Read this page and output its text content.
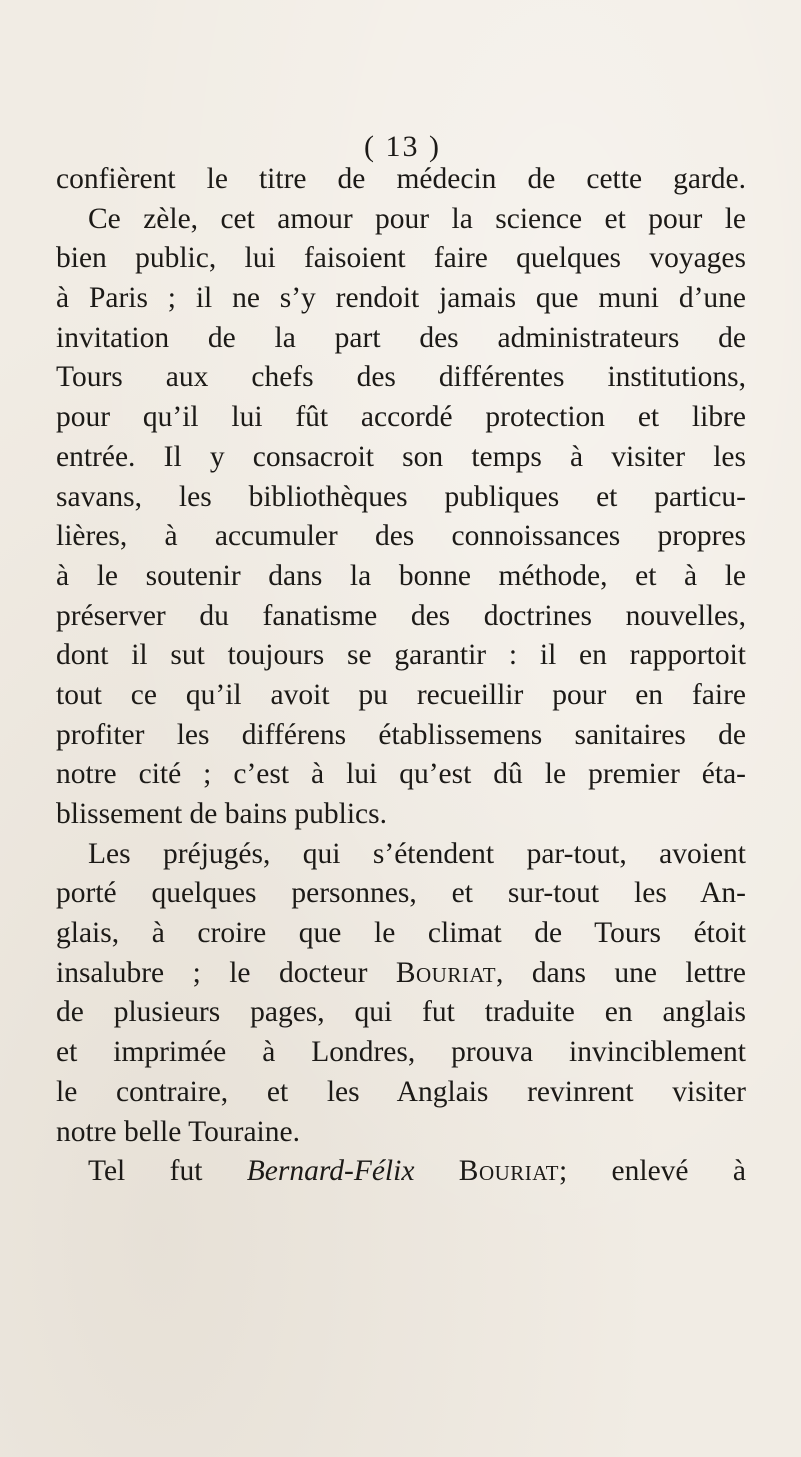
( 13 )
confièrent le titre de médecin de cette garde.
Ce zèle, cet amour pour la science et pour le
bien public, lui faisoient faire quelques voyages
à Paris ; il ne s’y rendoit jamais que muni d’une
invitation de la part des administrateurs de
Tours aux chefs des différentes institutions,
pour qu’il lui fût accordé protection et libre
entrée. Il y consacroit son temps à visiter les
savans, les bibliothèques publiques et particu-
lières, à accumuler des connoissances propres
à le soutenir dans la bonne méthode, et à le
préserver du fanatisme des doctrines nouvelles,
dont il sut toujours se garantir : il en rapportoit
tout ce qu’il avoit pu recueillir pour en faire
profiter les différens établissemens sanitaires de
notre cité ; c’est à lui qu’est dû le premier éta-
blissement de bains publics.
Les préjugés, qui s’étendent par-tout, avoient
porté quelques personnes, et sur-tout les An-
glais, à croire que le climat de Tours étoit
insalubre ; le docteur Bouriat, dans une lettre
de plusieurs pages, qui fut traduite en anglais
et imprimée à Londres, prouva invinciblement
le contraire, et les Anglais revinrent visiter
notre belle Touraine.
Tel fut Bernard-Félix Bouriat; enlevé à
